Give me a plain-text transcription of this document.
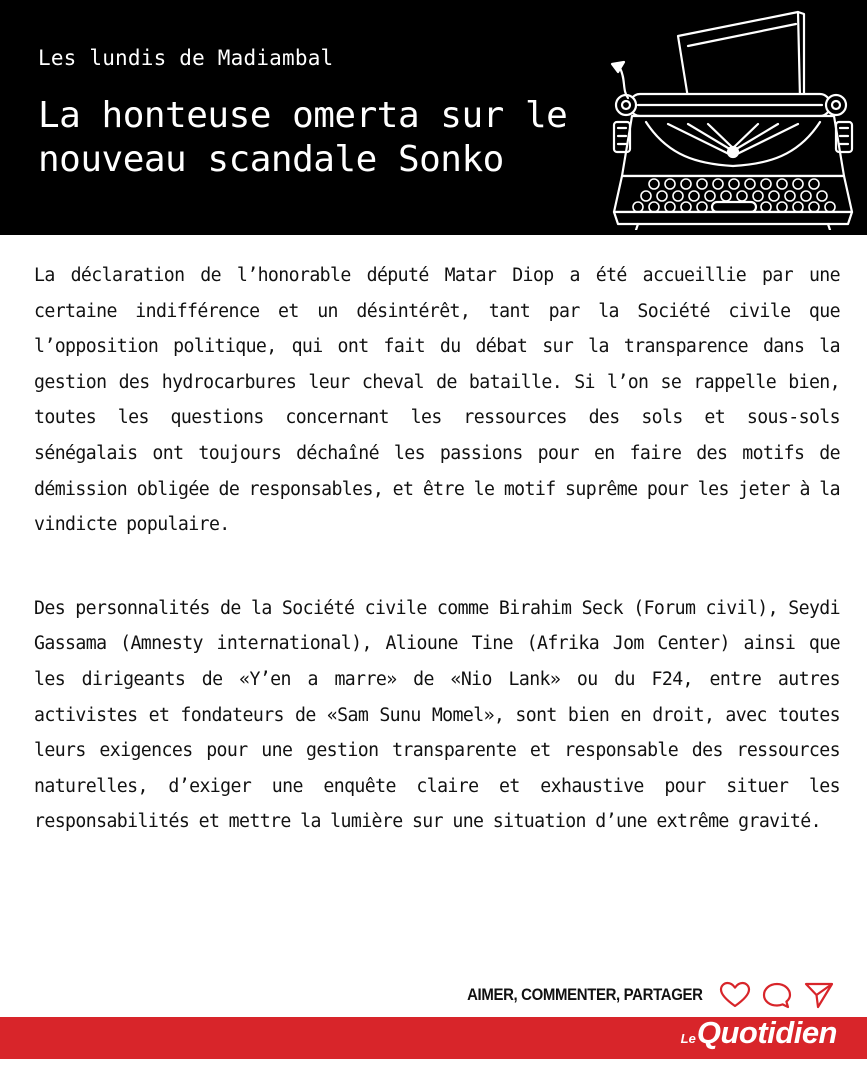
Les lundis de Madiambal
La honteuse omerta sur le nouveau scandale Sonko

La déclaration de l’honorable député Matar Diop a été accueillie par une certaine indifférence et un désintérêt, tant par la Société civile que l’opposition politique, qui ont fait du débat sur la transparence dans la gestion des hydrocarbures leur cheval de bataille. Si l’on se rappelle bien, toutes les questions concernant les ressources des sols et sous-sols sénégalais ont toujours déchaîné les passions pour en faire des motifs de démission obligée de responsables, et être le motif suprême pour les jeter à la vindicte populaire.

Des personnalités de la Société civile comme Birahim Seck (Forum civil), Seydi Gassama (Amnesty international), Alioune Tine (Afrika Jom Center) ainsi que les dirigeants de «Y’en a marre» de «Nio Lank» ou du F24, entre autres activistes et fondateurs de «Sam Sunu Momel», sont bien en droit, avec toutes leurs exigences pour une gestion transparente et responsable des ressources naturelles, d’exiger une enquête claire et exhaustive pour situer les responsabilités et mettre la lumière sur une situation d’une extrême gravité.

AIMER, COMMENTER, PARTAGER
Le Quotidien
